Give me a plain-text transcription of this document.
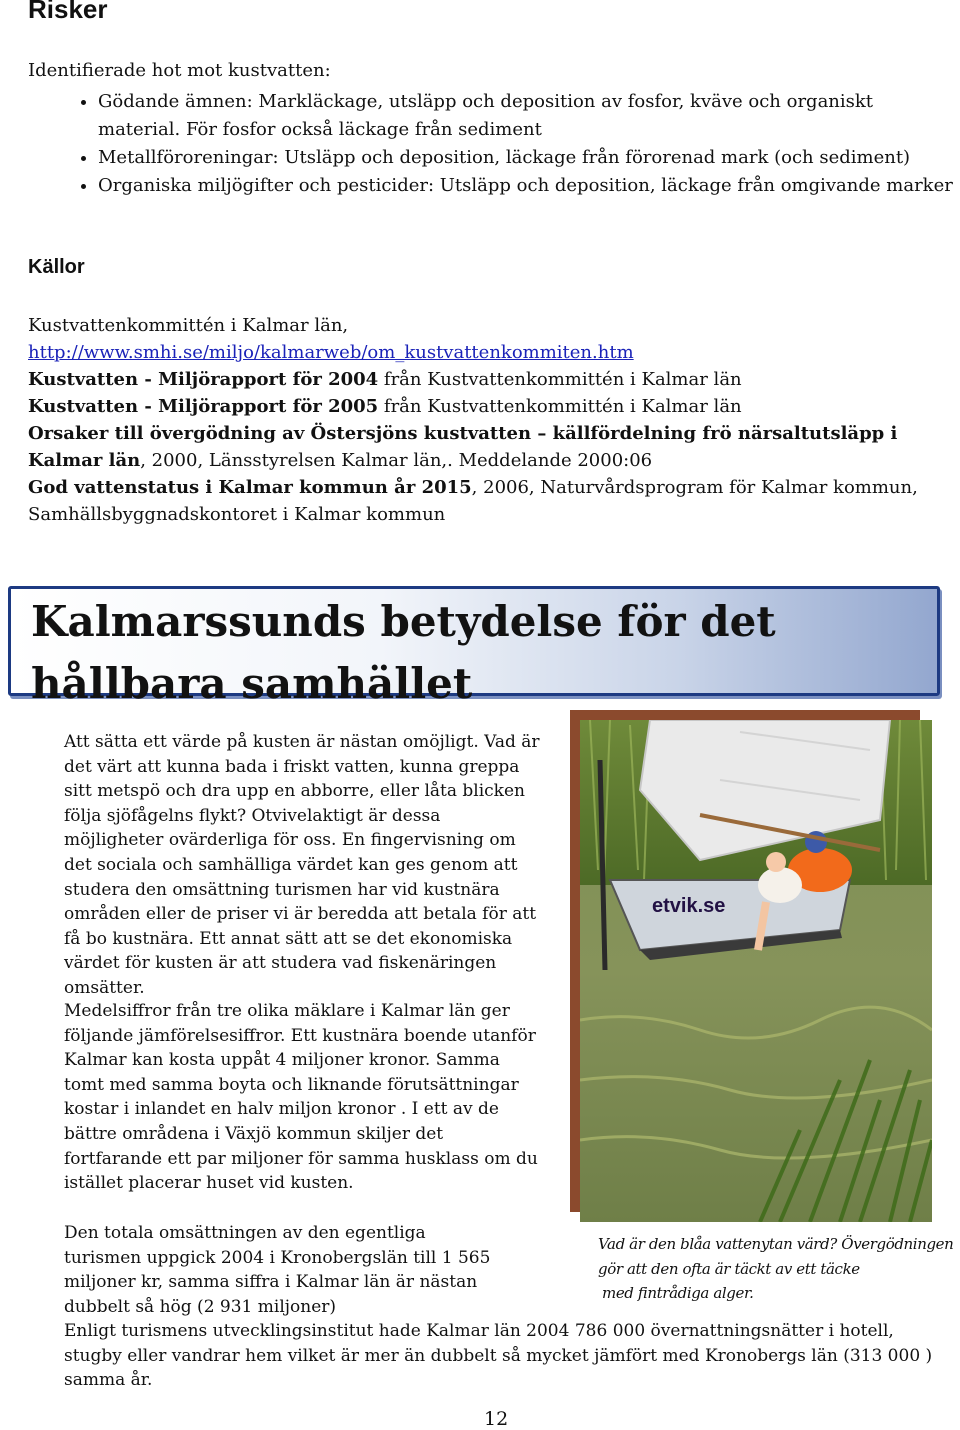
Risker
Identifierade hot mot kustvatten:
• Gödande ämnen: Markläckage, utsläpp och deposition av fosfor, kväve och organiskt material. För fosfor också läckage från sediment
• Metallföroreningar: Utsläpp och deposition, läckage från förorenad mark (och sediment)
• Organiska miljögifter och pesticider: Utsläpp och deposition, läckage från omgivande marker
Källor

Kustvattenkommittén i Kalmar län,

http://www.smhi.se/miljo/kalmarweb/om_kustvattenkommiten.htm

Kustvatten - Miljörapport för 2004 från Kustvattenkommittén i Kalmar län

Kustvatten - Miljörapport för 2005 från Kustvattenkommittén i Kalmar län

Orsaker till övergödning av Östersjöns kustvatten – källfördelning frö närsaltutsläpp i Kalmar län, 2000, Länsstyrelsen Kalmar län,. Meddelande 2000:06

God vattenstatus i Kalmar kommun år 2015, 2006, Naturvårdsprogram för Kalmar kommun, Samhällsbyggnadskontoret i Kalmar kommun

Kalmarssunds betydelse för det hållbara samhället

Att sätta ett värde på kusten är nästan omöjligt. Vad är det värt att kunna bada i friskt vatten, kunna greppa sitt metspö och dra upp en abborre, eller låta blicken följa sjöfågelns flykt? Otvivelaktigt är dessa möjligheter ovärderliga för oss. En fingervisning om det sociala och samhälliga värdet kan ges genom att studera den omsättning turismen har vid kustnära områden eller de priser vi är beredda att betala för att få bo kustnära. Ett annat sätt att se det ekonomiska värdet för kusten är att studera vad fiskenäringen omsätter.

Medelsiffror från tre olika mäklare i Kalmar län ger följande jämförelsesiffror. Ett kustnära boende utanför Kalmar kan kosta uppåt 4 miljoner kronor. Samma tomt med samma boyta och liknande förutsättningar kostar i inlandet en halv miljon kronor . I ett av de bättre områdena i Växjö kommun skiljer det fortfarande ett par miljoner för samma husklass om du istället placerar huset vid kusten.

Den totala omsättningen av den egentliga turismen uppgick 2004 i Kronobergslän till 1 565 miljoner kr, samma siffra i Kalmar län är nästan dubbelt så hög (2 931 miljoner)

Enligt turismens utvecklingsinstitut hade Kalmar län 2004 786 000 övernattningsnätter i hotell, stugby eller vandrar hem vilket är mer än dubbelt så mycket jämfört med Kronobergs län (313 000 ) samma år.

etvik.se
Vad är den blåa vattenytan värd? Övergödningen
gör att den ofta är täckt av ett täcke
med fintrådiga alger.
12
